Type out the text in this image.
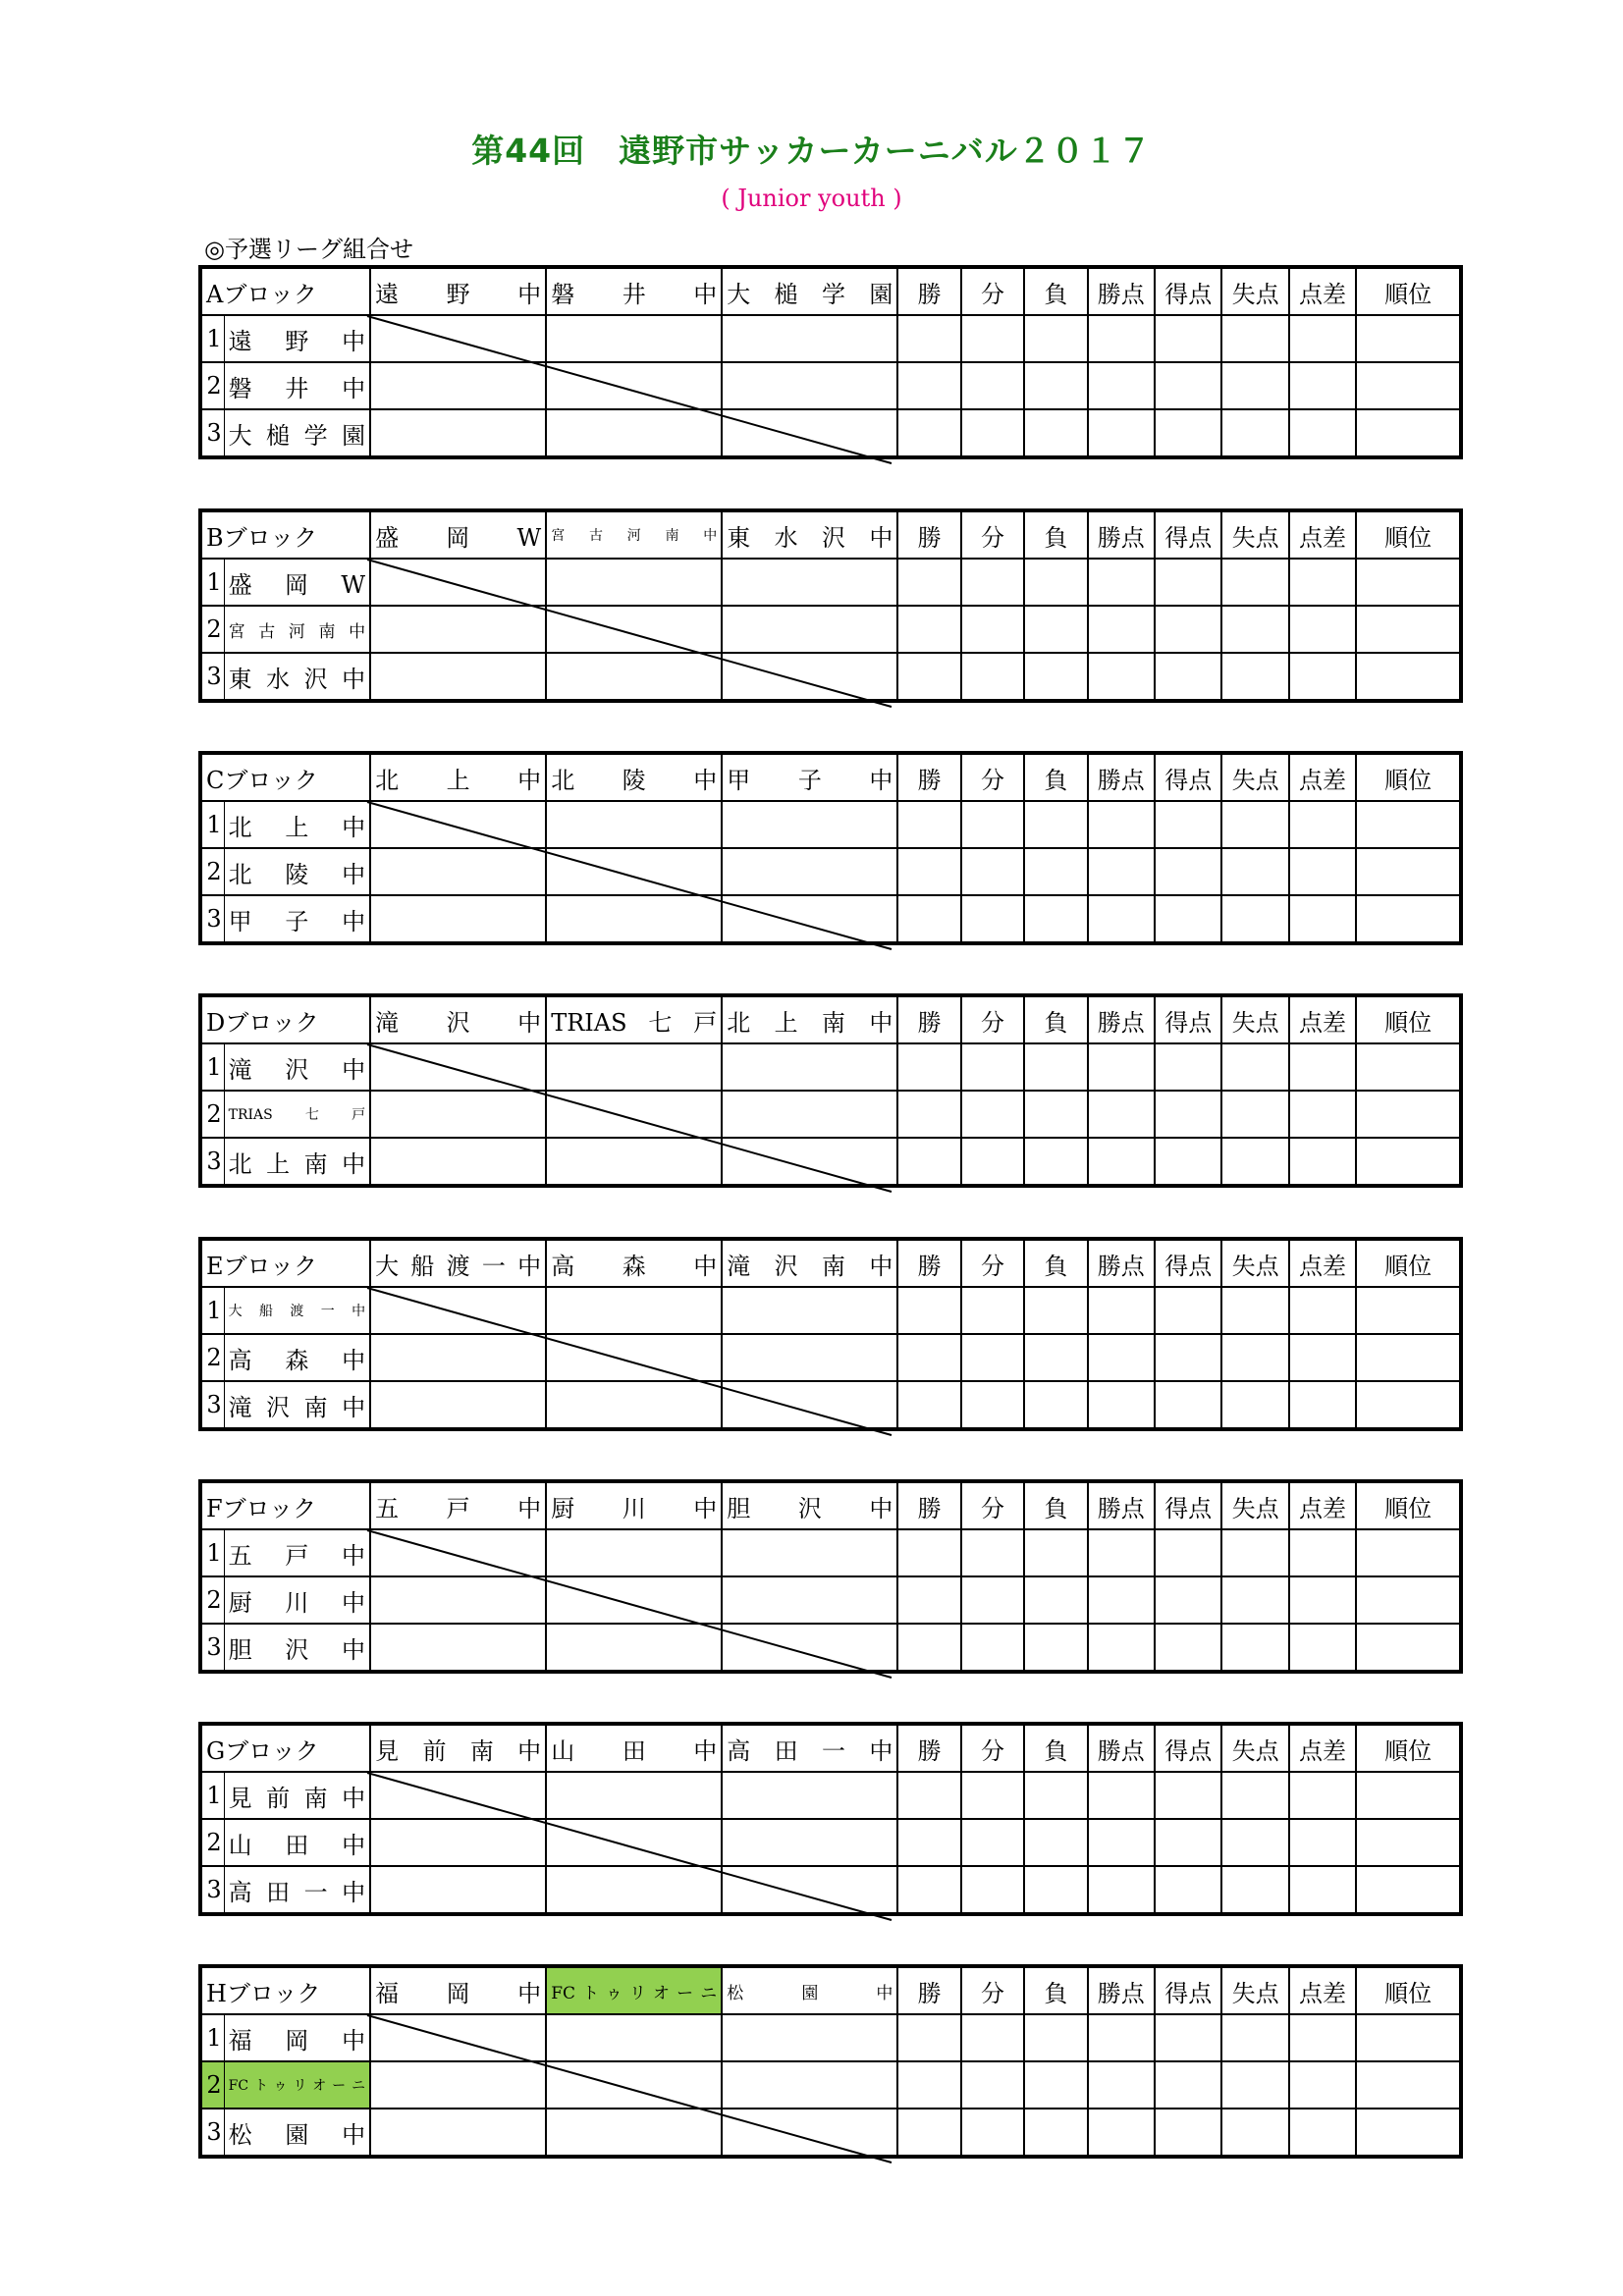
第44回　遠野市サッカーカーニバル２０１７
( Junior youth )
◎予選リーグ組合せ
Aブロック		遠野中	磐井中	大槌学園	勝	分	負	勝点	得点	失点	点差	順位
1	遠野中											
2	磐井中											
3	大槌学園											
Bブロック		盛岡W	宮古河南中	東水沢中	勝	分	負	勝点	得点	失点	点差	順位
1	盛岡W											
2	宮古河南中											
3	東水沢中											
Cブロック		北上中	北陵中	甲子中	勝	分	負	勝点	得点	失点	点差	順位
1	北上中											
2	北陵中											
3	甲子中											
Dブロック		滝沢中	TRIAS七戸	北上南中	勝	分	負	勝点	得点	失点	点差	順位
1	滝沢中											
2	TRIAS七戸											
3	北上南中											
Eブロック		大船渡一中	高森中	滝沢南中	勝	分	負	勝点	得点	失点	点差	順位
1	大船渡一中											
2	高森中											
3	滝沢南中											
Fブロック		五戸中	厨川中	胆沢中	勝	分	負	勝点	得点	失点	点差	順位
1	五戸中											
2	厨川中											
3	胆沢中											
Gブロック		見前南中	山田中	高田一中	勝	分	負	勝点	得点	失点	点差	順位
1	見前南中											
2	山田中											
3	高田一中											
Hブロック		福岡中	FCトゥリオーニ	松園中	勝	分	負	勝点	得点	失点	点差	順位
1	福岡中											
2	FCトゥリオーニ											
3	松園中											
